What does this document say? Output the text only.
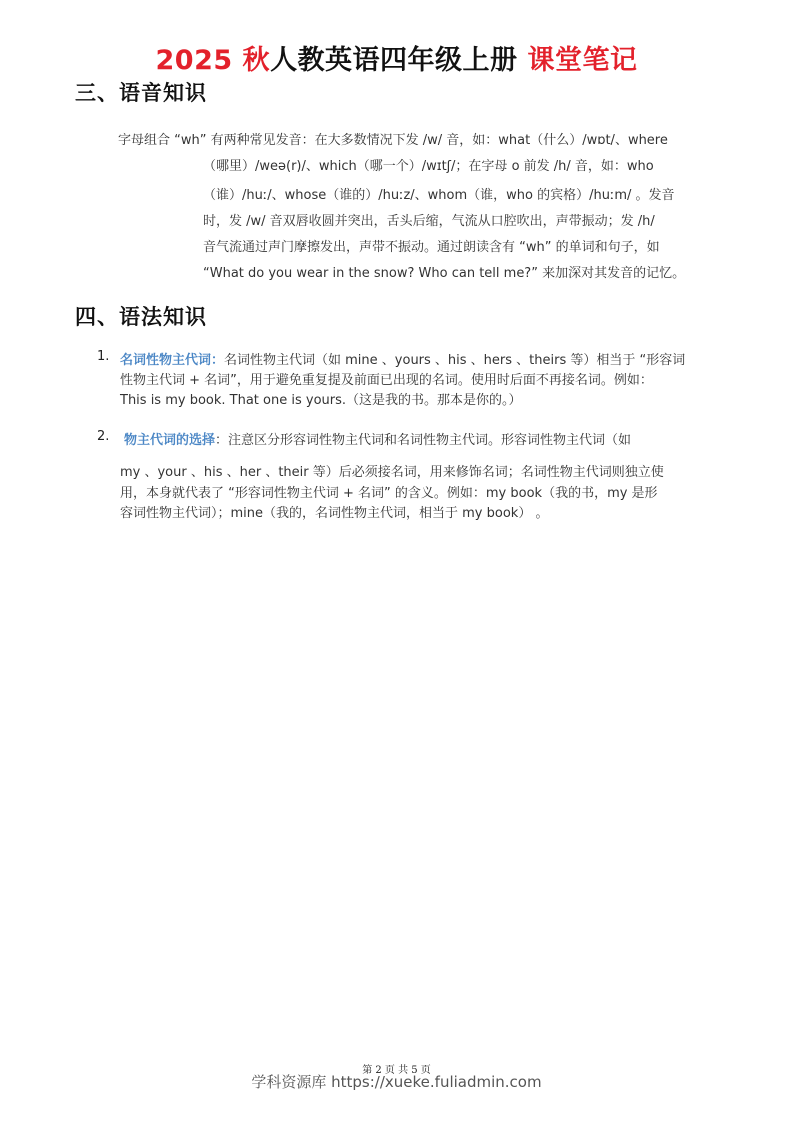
2025 秋人教英语四年级上册 课堂笔记
三、语音知识
字母组合 “wh” 有两种常见发音：在大多数情况下发 /w/ 音，如：what（什么）/wɒt/、where
（哪里）/weə(r)/、which（哪一个）/wɪtʃ/；在字母 o 前发 /h/ 音，如：who
（谁）/huː/、whose（谁的）/huːz/、whom（谁，who 的宾格）/huːm/ 。发音
时，发 /w/ 音双唇收圆并突出，舌头后缩，气流从口腔吹出，声带振动；发 /h/
音气流通过声门摩擦发出，声带不振动。通过朗读含有 “wh” 的单词和句子，如
“What do you wear in the snow? Who can tell me?” 来加深对其发音的记忆。
四、语法知识
1. 名词性物主代词：名词性物主代词（如 mine 、yours 、his 、hers 、theirs 等）相当于 “形容词
性物主代词 + 名词”，用于避免重复提及前面已出现的名词。使用时后面不再接名词。例如：
This is my book. That one is yours.（这是我的书。那本是你的。）
2. 物主代词的选择：注意区分形容词性物主代词和名词性物主代词。形容词性物主代词（如
my 、your 、his 、her 、their 等）后必须接名词，用来修饰名词；名词性物主代词则独立使
用，本身就代表了 “形容词性物主代词 + 名词” 的含义。例如：my book（我的书，my 是形
容词性物主代词）；mine（我的，名词性物主代词，相当于 my book） 。
第 2 页 共 5 页
学科资源库 https://xueke.fuliadmin.com
